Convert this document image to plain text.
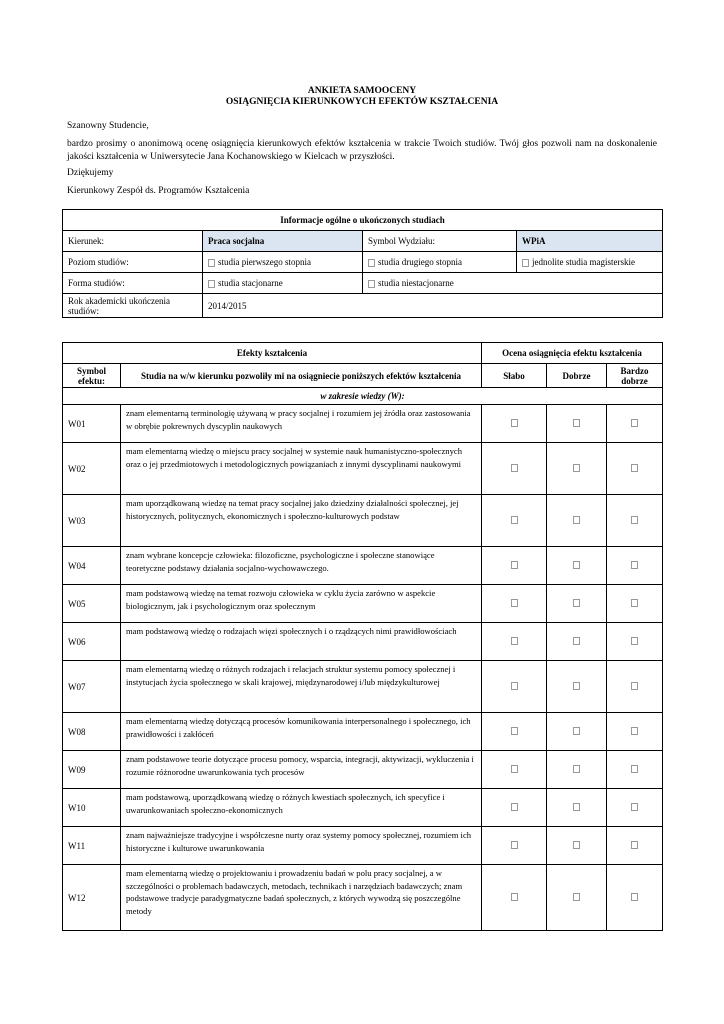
ANKIETA SAMOOCENY
OSIĄGNIĘCIA KIERUNKOWYCH EFEKTÓW KSZTAŁCENIA
Szanowny Studencie,
bardzo prosimy o anonimową ocenę osiągnięcia kierunkowych efektów kształcenia w trakcie Twoich studiów. Twój głos pozwoli nam na doskonalenie jakości kształcenia w Uniwersytecie Jana Kochanowskiego w Kielcach w przyszłości.
Dziękujemy
Kierunkowy Zespół ds. Programów Kształcenia
Informacje ogólne o ukończonych studiach			
Kierunek:	Praca socjalna	Symbol Wydziału:	WPiA
Poziom studiów:	studia pierwszego stopnia	studia drugiego stopnia	jednolite studia magisterskie
Forma studiów:	studia stacjonarne	studia niestacjonarne	
Rok akademicki ukończenia studiów:	2014/2015		
Efekty kształcenia		Ocena osiągnięcia efektu kształcenia		
Symbol efektu:	Studia na w/w kierunku pozwoliły mi na osiągniecie poniższych efektów kształcenia	Słabo	Dobrze	Bardzo dobrze
w zakresie wiedzy (W):				
W01	znam elementarną terminologię używaną w pracy socjalnej i rozumiem jej źródła oraz zastosowania w obrębie pokrewnych dyscyplin naukowych			
W02	mam elementarną wiedzę o miejscu pracy socjalnej w systemie nauk humanistyczno-społecznych oraz o jej przedmiotowych i metodologicznych powiązaniach z innymi dyscyplinami naukowymi			
W03	mam uporządkowaną wiedzę na temat pracy socjalnej jako dziedziny działalności społecznej, jej historycznych, politycznych, ekonomicznych i społeczno-kulturowych podstaw			
W04	znam wybrane koncepcje człowieka: filozoficzne, psychologiczne i społeczne stanowiące teoretyczne podstawy działania socjalno-wychowawczego.			
W05	mam podstawową wiedzę na temat rozwoju człowieka w cyklu życia zarówno w aspekcie biologicznym, jak i psychologicznym oraz społecznym			
W06	mam podstawową wiedzę o rodzajach więzi społecznych i o rządzących nimi prawidłowościach			
W07	mam elementarną wiedzę o różnych rodzajach i relacjach struktur systemu pomocy społecznej i instytucjach życia społecznego w skali krajowej, międzynarodowej i/lub międzykulturowej			
W08	mam elementarną wiedzę dotyczącą procesów komunikowania interpersonalnego i społecznego, ich prawidłowości i zakłóceń			
W09	znam podstawowe teorie dotyczące procesu pomocy, wsparcia, integracji, aktywizacji, wykluczenia i rozumie różnorodne uwarunkowania tych procesów			
W10	mam podstawową, uporządkowaną wiedzę o różnych kwestiach społecznych, ich specyfice i uwarunkowaniach społeczno-ekonomicznych			
W11	znam najważniejsze tradycyjne i współczesne nurty oraz systemy pomocy społecznej, rozumiem ich historyczne i kulturowe uwarunkowania			
W12	mam elementarną wiedzę o projektowaniu i prowadzeniu badań w polu pracy socjalnej, a w szczególności o problemach badawczych, metodach, technikach i narzędziach badawczych; znam podstawowe tradycje paradygmatyczne badań społecznych, z których wywodzą się poszczególne metody			
